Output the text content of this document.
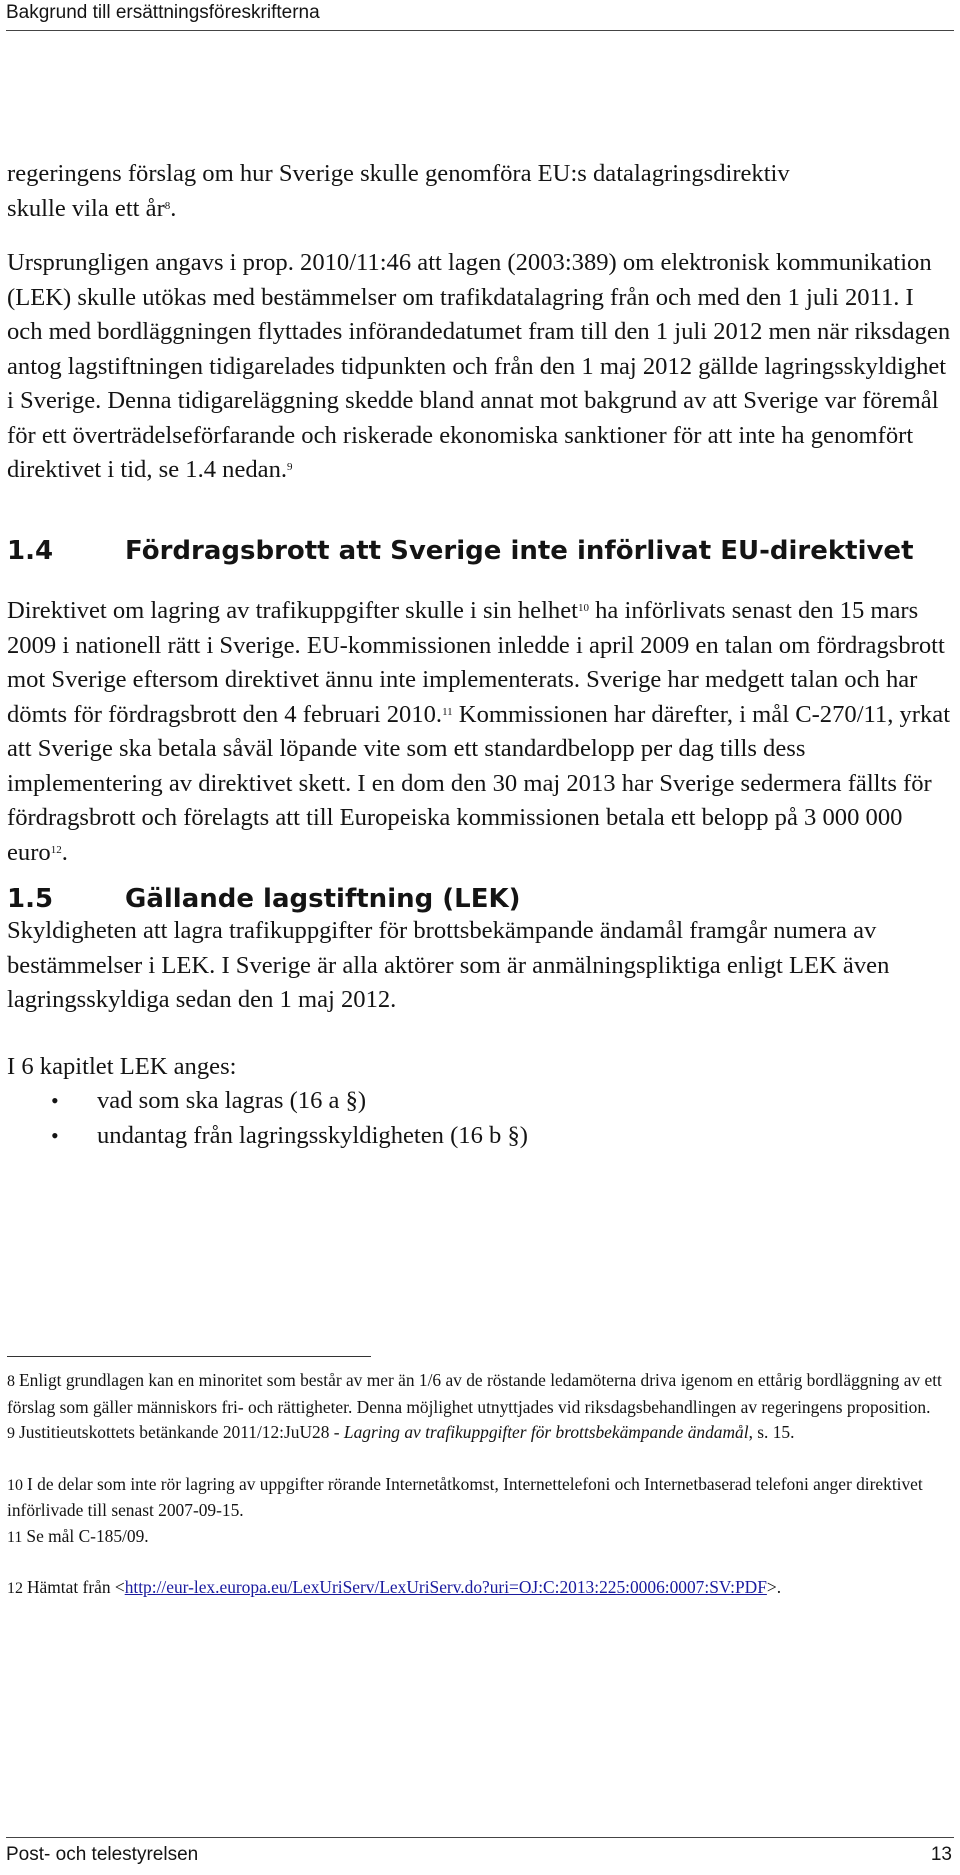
Bakgrund till ersättningsföreskrifterna

regeringens förslag om hur Sverige skulle genomföra EU:s datalagringsdirektiv
skulle vila ett år$^8$.

Ursprungligen angavs i prop. 2010/11:46 att lagen (2003:389) om elektronisk kommunikation (LEK) skulle utökas med bestämmelser om trafikdatalagring från och med den 1 juli 2011. I och med bordläggningen flyttades införandedatumet fram till den 1 juli 2012 men när riksdagen antog lagstiftningen tidigarelades tidpunkten och från den 1 maj 2012 gällde lagringsskyldighet i Sverige. Denna tidigareläggning skedde bland annat mot bakgrund av att Sverige var föremål för ett överträdelseförfarande och riskerade ekonomiska sanktioner för att inte ha genomfört direktivet i tid, se 1.4 nedan.$^9$

1.4	Fördragsbrott att Sverige inte införlivat EU-direktivet

Direktivet om lagring av trafikuppgifter skulle i sin helhet$^{10}$ ha införlivats senast den 15 mars 2009 i nationell rätt i Sverige. EU-kommissionen inledde i april 2009 en talan om fördragsbrott mot Sverige eftersom direktivet ännu inte implementerats. Sverige har medgett talan och har dömts för fördragsbrott den 4 februari 2010.11 Kommissionen har därefter, i mål C-270/11, yrkat att Sverige ska betala såväl löpande vite som ett standardbelopp per dag tills dess implementering av direktivet skett. I en dom den 30 maj 2013 har Sverige sedermera fällts för fördragsbrott och förelagts att till Europeiska kommissionen betala ett belopp på 3 000 000 euro$^{12}$.

1.5	Gällande lagstiftning (LEK)

Skyldigheten att lagra trafikuppgifter för brottsbekämpande ändamål framgår numera av bestämmelser i LEK. I Sverige är alla aktörer som är anmälningspliktiga enligt LEK även lagringsskyldiga sedan den 1 maj 2012.

I 6 kapitlet LEK anges:

• vad som ska lagras (16 a §)
• undantag från lagringsskyldigheten (16 b §)

8 Enligt grundlagen kan en minoritet som består av mer än 1/6 av de röstande ledamöterna driva igenom en ettårig bordläggning av ett förslag som gäller människors fri- och rättigheter. Denna möjlighet utnyttjades vid riksdagsbehandlingen av regeringens proposition.

9 Justitieutskottets betänkande 2011/12:JuU28 - Lagring av trafikuppgifter för brottsbekämpande ändamål, s. 15.

10 I de delar som inte rör lagring av uppgifter rörande Internetåtkomst, Internettelefoni och Internetbaserad telefoni anger direktivet införlivade till senast 2007-09-15.

11 Se mål C-185/09.

12 Hämtat från <http://eur-lex.europa.eu/LexUriServ/LexUriServ.do?uri=OJ:C:2013:225:0006:0007:SV:PDF>.

Post- och telestyrelsen	13
